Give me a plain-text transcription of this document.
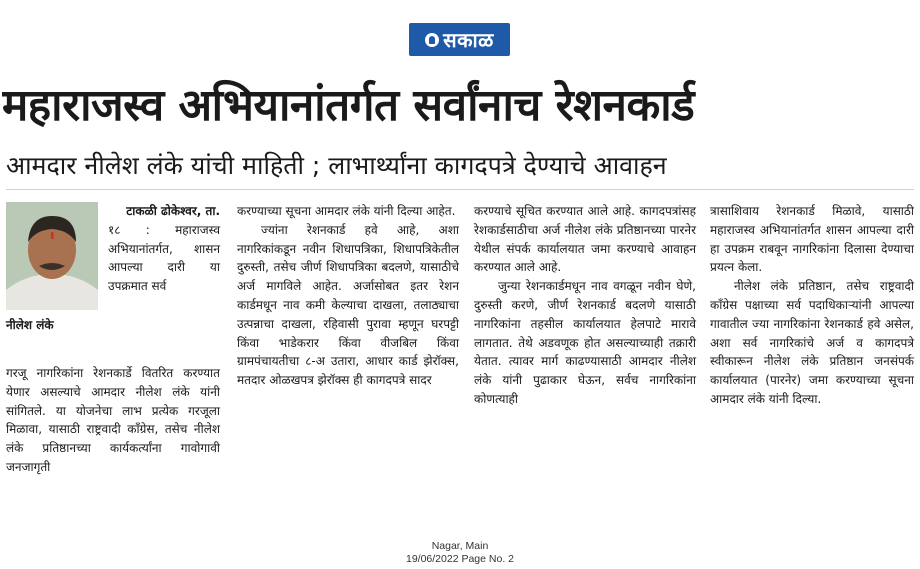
सकाळ
महाराजस्व अभियानांतर्गत सर्वांनाच रेशनकार्ड
आमदार नीलेश लंके यांची माहिती ; लाभार्थ्यांना कागदपत्रे देण्याचे आवाहन
नीलेश लंके

टाकळी ढोकेश्‍वर, ता.

१८ : महाराजस्व अभियानांतर्गत, शासन आपल्या दारी या उपक्रमात सर्व

गरजू नागरिकांना रेशनकार्डे वितरित करण्यात येणार असल्याचे आमदार नीलेश लंके यांनी सांगितले. या योजनेचा लाभ प्रत्येक गरजूला मिळावा, यासाठी राष्ट्रवादी काँग्रेस, तसेच नीलेश लंके प्रतिष्ठानच्या कार्यकर्त्यांना गावोगावी जनजागृती

करण्याच्या सूचना आमदार लंके यांनी दिल्या आहेत.

ज्यांना रेशनकार्ड हवे आहे, अशा नागरिकांकडून नवीन शिधापत्रिका, शिधापत्रिकेतील दुरुस्ती, तसेच जीर्ण शिधापत्रिका बदलणे, यासाठीचे अर्ज मागविले आहेत. अर्जासोबत इतर रेशन कार्डमधून नाव कमी केल्याचा दाखला, तलाठ्याचा उत्पन्नाचा दाखला, रहिवासी पुरावा म्हणून घरपट्टी किंवा भाडेकरार किंवा वीजबिल किंवा ग्रामपंचायतीचा ८-अ उतारा, आधार कार्ड झेरॉक्स, मतदार ओळखपत्र झेरॉक्स ही कागदपत्रे सादर

करण्याचे सूचित करण्यात आले आहे. कागदपत्रांसह रेशकार्डसाठीचा अर्ज नीलेश लंके प्रतिष्ठानच्या पारनेर येथील संपर्क कार्यालयात जमा करण्याचे आवाहन करण्यात आले आहे.

जुन्या रेशनकार्डमधून नाव वगळून नवीन घेणे, दुरुस्ती करणे, जीर्ण रेशनकार्ड बदलणे यासाठी नागरिकांना तहसील कार्यालयात हेलपाटे मारावे लागतात. तेथे अडवणूक होत असल्याच्याही तक्रारी येतात. त्यावर मार्ग काढण्यासाठी आमदार नीलेश लंके यांनी पुढाकार घेऊन, सर्वच नागरिकांना कोणत्याही

त्रासाशिवाय रेशनकार्ड मिळावे, यासाठी महाराजस्व अभियानांतर्गत शासन आपल्या दारी हा उपक्रम राबवून नागरिकांना दिलासा देण्याचा प्रयत्न केला.

नीलेश लंके प्रतिष्ठान, तसेच राष्ट्रवादी काँग्रेस पक्षाच्या सर्व पदाधिकाऱ्यांनी आपल्या गावातील ज्या नागरिकांना रेशनकार्ड हवे असेल, अशा सर्व नागरिकांचे अर्ज व कागदपत्रे स्वीकारून नीलेश लंके प्रतिष्ठान जनसंपर्क कार्यालयात (पारनेर) जमा करण्याच्या सूचना आमदार लंके यांनी दिल्या.

Nagar, Main
19/06/2022 Page No. 2
